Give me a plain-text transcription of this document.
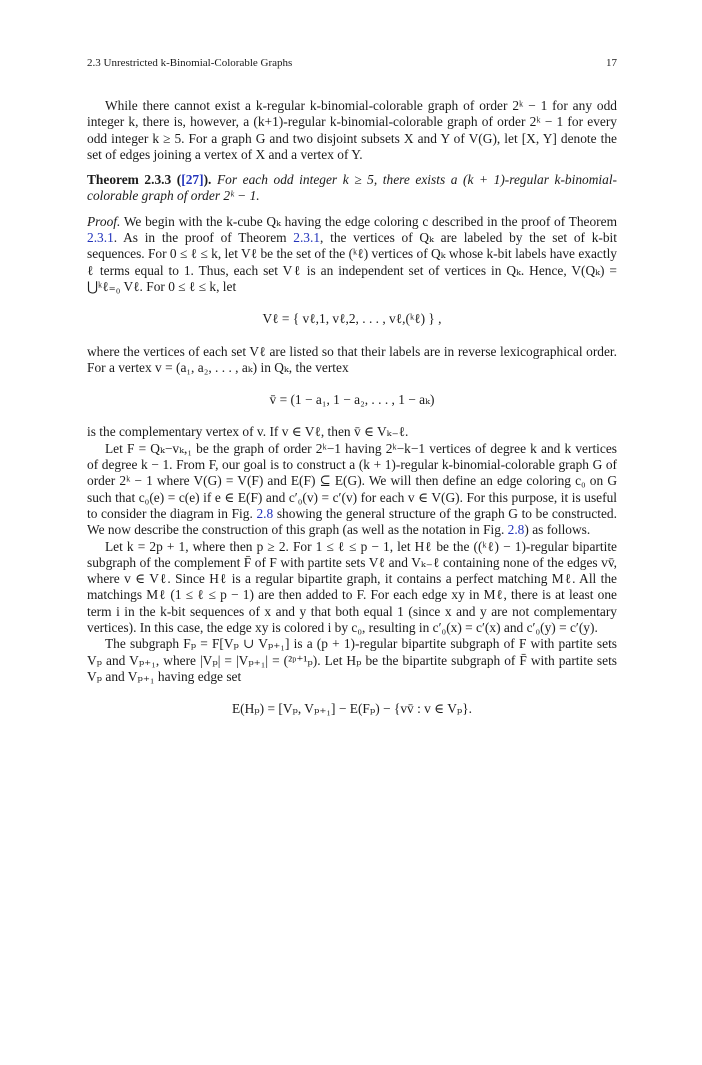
2.3 Unrestricted k-Binomial-Colorable Graphs	17

While there cannot exist a k-regular k-binomial-colorable graph of order 2ᵏ − 1 for any odd integer k, there is, however, a (k+1)-regular k-binomial-colorable graph of order 2ᵏ − 1 for every odd integer k ≥ 5. For a graph G and two disjoint subsets X and Y of V(G), let [X, Y] denote the set of edges joining a vertex of X and a vertex of Y.

Theorem 2.3.3 ([27]). For each odd integer k ≥ 5, there exists a (k + 1)-regular k-binomial-colorable graph of order 2ᵏ − 1.

Proof. We begin with the k-cube Qₖ having the edge coloring c described in the proof of Theorem 2.3.1. As in the proof of Theorem 2.3.1, the vertices of Qₖ are labeled by the set of k-bit sequences. For 0 ≤ ℓ ≤ k, let Vℓ be the set of the (ᵏℓ) vertices of Qₖ whose k-bit labels have exactly ℓ terms equal to 1. Thus, each set Vℓ is an independent set of vertices in Qₖ. Hence, V(Qₖ) = ⋃ᵏℓ₌₀ Vℓ. For 0 ≤ ℓ ≤ k, let

Vℓ = { vℓ,1, vℓ,2, . . . , vℓ,(ᵏℓ) } ,

where the vertices of each set Vℓ are listed so that their labels are in reverse lexicographical order. For a vertex v = (a₁, a₂, . . . , aₖ) in Qₖ, the vertex

v̄ = (1 − a₁, 1 − a₂, . . . , 1 − aₖ)

is the complementary vertex of v. If v ∈ Vℓ, then v̄ ∈ Vₖ₋ℓ.

Let F = Qₖ−vₖ,₁ be the graph of order 2ᵏ−1 having 2ᵏ−k−1 vertices of degree k and k vertices of degree k − 1. From F, our goal is to construct a (k + 1)-regular k-binomial-colorable graph G of order 2ᵏ − 1 where V(G) = V(F) and E(F) ⊆ E(G). We will then define an edge coloring c₀ on G such that c₀(e) = c(e) if e ∈ E(F) and c′₀(v) = c′(v) for each v ∈ V(G). For this purpose, it is useful to consider the diagram in Fig. 2.8 showing the general structure of the graph G to be constructed. We now describe the construction of this graph (as well as the notation in Fig. 2.8) as follows.

Let k = 2p + 1, where then p ≥ 2. For 1 ≤ ℓ ≤ p − 1, let Hℓ be the ((ᵏℓ) − 1)-regular bipartite subgraph of the complement F̄ of F with partite sets Vℓ and Vₖ₋ℓ containing none of the edges vv̄, where v ∈ Vℓ. Since Hℓ is a regular bipartite graph, it contains a perfect matching Mℓ. All the matchings Mℓ (1 ≤ ℓ ≤ p − 1) are then added to F. For each edge xy in Mℓ, there is at least one term i in the k-bit sequences of x and y that both equal 1 (since x and y are not complementary vertices). In this case, the edge xy is colored i by c₀, resulting in c′₀(x) = c′(x) and c′₀(y) = c′(y).

The subgraph Fₚ = F[Vₚ ∪ Vₚ₊₁] is a (p + 1)-regular bipartite subgraph of F with partite sets Vₚ and Vₚ₊₁, where |Vₚ| = |Vₚ₊₁| = (²ᵖ⁺¹ₚ). Let Hₚ be the bipartite subgraph of F̄ with partite sets Vₚ and Vₚ₊₁ having edge set

E(Hₚ) = [Vₚ, Vₚ₊₁] − E(Fₚ) − {vv̄ : v ∈ Vₚ}.
